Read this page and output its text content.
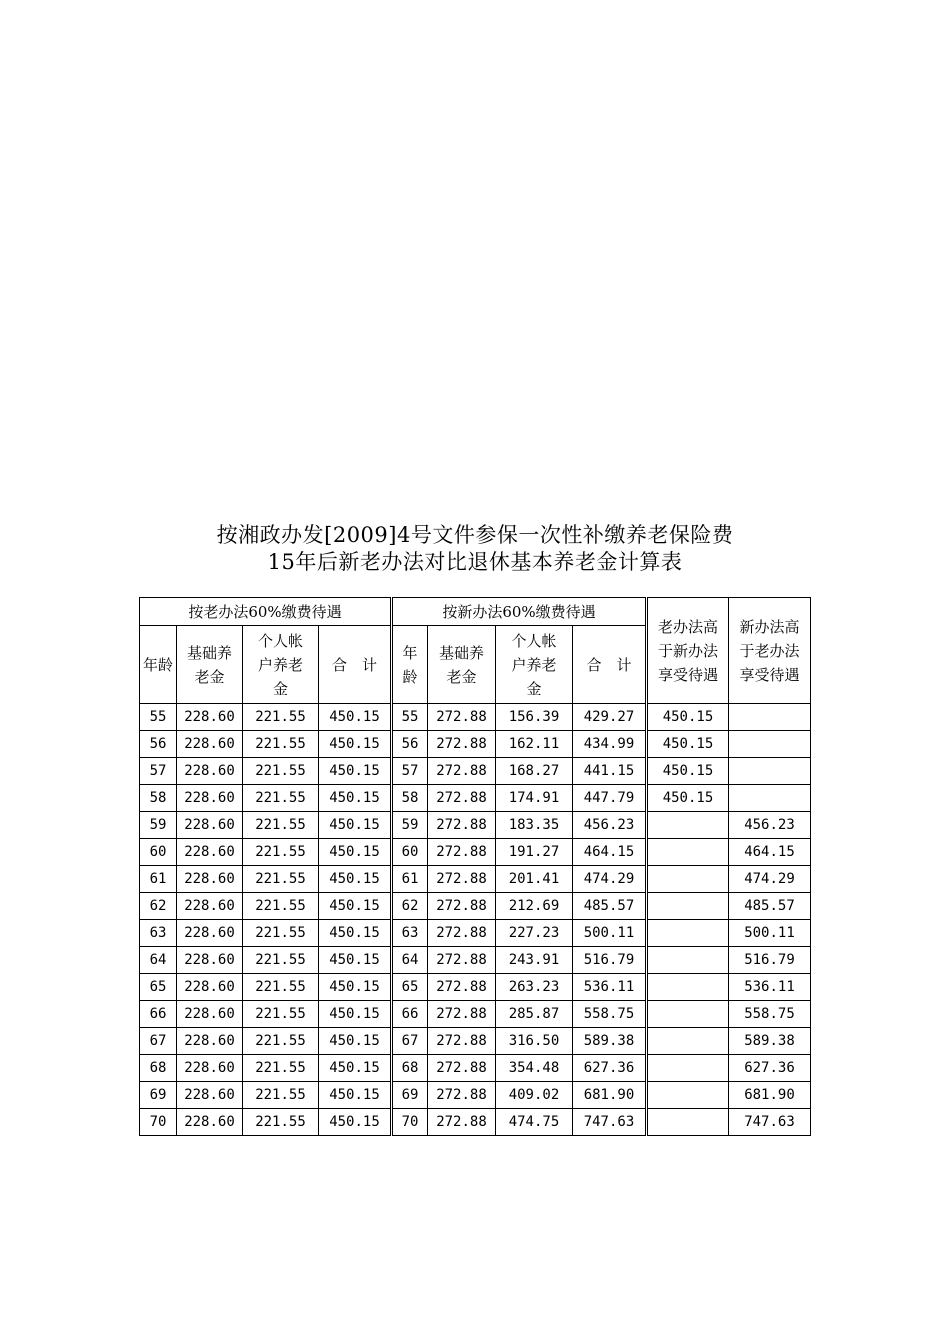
按湘政办发[2009]4号文件参保一次性补缴养老保险费
15年后新老办法对比退休基本养老金计算表
按老办法60%缴费待遇				按新办法60%缴费待遇				老办法高于新办法享受待遇	新办法高于老办法享受待遇
年龄	基础养老金	个人帐户养老金	合　计	年龄	基础养老金	个人帐户养老金	合　计		
55	228.60	221.55	450.15	55	272.88	156.39	429.27	450.15	
56	228.60	221.55	450.15	56	272.88	162.11	434.99	450.15	
57	228.60	221.55	450.15	57	272.88	168.27	441.15	450.15	
58	228.60	221.55	450.15	58	272.88	174.91	447.79	450.15	
59	228.60	221.55	450.15	59	272.88	183.35	456.23		456.23
60	228.60	221.55	450.15	60	272.88	191.27	464.15		464.15
61	228.60	221.55	450.15	61	272.88	201.41	474.29		474.29
62	228.60	221.55	450.15	62	272.88	212.69	485.57		485.57
63	228.60	221.55	450.15	63	272.88	227.23	500.11		500.11
64	228.60	221.55	450.15	64	272.88	243.91	516.79		516.79
65	228.60	221.55	450.15	65	272.88	263.23	536.11		536.11
66	228.60	221.55	450.15	66	272.88	285.87	558.75		558.75
67	228.60	221.55	450.15	67	272.88	316.50	589.38		589.38
68	228.60	221.55	450.15	68	272.88	354.48	627.36		627.36
69	228.60	221.55	450.15	69	272.88	409.02	681.90		681.90
70	228.60	221.55	450.15	70	272.88	474.75	747.63		747.63
